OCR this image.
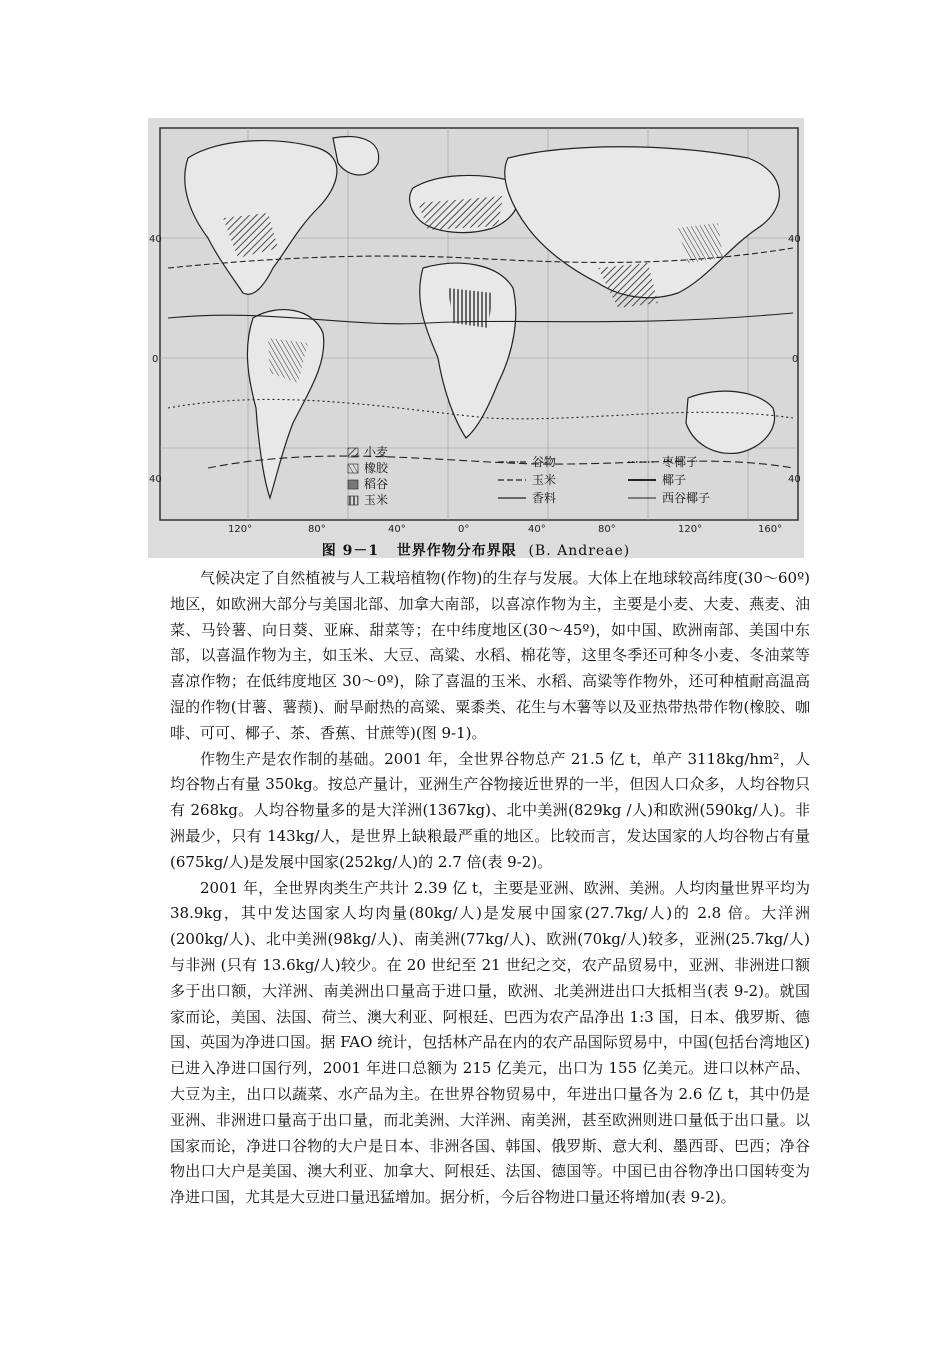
小麦
橡胶
稻谷
玉米
谷物
玉米
香料
枣椰子
椰子
西谷椰子
120°	80°	40°	0°	40°	80°	120°	160°
40
0
40
40
0
40
图 9－1 世界作物分布界限 (B. Andreae)

气候决定了自然植被与人工栽培植物(作物)的生存与发展。大体上在地球较高纬度(30～60º)地区，如欧洲大部分与美国北部、加拿大南部，以喜凉作物为主，主要是小麦、大麦、燕麦、油菜、马铃薯、向日葵、亚麻、甜菜等；在中纬度地区(30～45º)，如中国、欧洲南部、美国中东部，以喜温作物为主，如玉米、大豆、高粱、水稻、棉花等，这里冬季还可种冬小麦、冬油菜等喜凉作物；在低纬度地区 30～0º)，除了喜温的玉米、水稻、高粱等作物外，还可种植耐高温高湿的作物(甘薯、薯蓣)、耐旱耐热的高粱、粟黍类、花生与木薯等以及亚热带热带作物(橡胶、咖啡、可可、椰子、茶、香蕉、甘蔗等)(图 9-1)。

作物生产是农作制的基础。2001 年，全世界谷物总产 21.5 亿 t，单产 3118kg/hm²，人均谷物占有量 350kg。按总产量计，亚洲生产谷物接近世界的一半，但因人口众多，人均谷物只有 268kg。人均谷物量多的是大洋洲(1367kg)、北中美洲(829kg /人)和欧洲(590kg/人)。非洲最少，只有 143kg/人，是世界上缺粮最严重的地区。比较而言，发达国家的人均谷物占有量(675kg/人)是发展中国家(252kg/人)的 2.7 倍(表 9-2)。

2001 年，全世界肉类生产共计 2.39 亿 t，主要是亚洲、欧洲、美洲。人均肉量世界平均为 38.9kg，其中发达国家人均肉量(80kg/人)是发展中国家(27.7kg/人)的 2.8 倍。大洋洲(200kg/人)、北中美洲(98kg/人)、南美洲(77kg/人)、欧洲(70kg/人)较多，亚洲(25.7kg/人)与非洲 (只有 13.6kg/人)较少。在 20 世纪至 21 世纪之交，农产品贸易中，亚洲、非洲进口额多于出口额，大洋洲、南美洲出口量高于进口量，欧洲、北美洲进出口大抵相当(表 9-2)。就国家而论，美国、法国、荷兰、澳大利亚、阿根廷、巴西为农产品净出 1:3 国，日本、俄罗斯、德国、英国为净进口国。据 FAO 统计，包括林产品在内的农产品国际贸易中，中国(包括台湾地区)已进入净进口国行列，2001 年进口总额为 215 亿美元，出口为 155 亿美元。进口以林产品、大豆为主，出口以蔬菜、水产品为主。在世界谷物贸易中，年进出口量各为 2.6 亿 t，其中仍是亚洲、非洲进口量高于出口量，而北美洲、大洋洲、南美洲，甚至欧洲则进口量低于出口量。以国家而论，净进口谷物的大户是日本、非洲各国、韩国、俄罗斯、意大利、墨西哥、巴西；净谷物出口大户是美国、澳大利亚、加拿大、阿根廷、法国、德国等。中国已由谷物净出口国转变为净进口国，尤其是大豆进口量迅猛增加。据分析，今后谷物进口量还将增加(表 9-2)。
